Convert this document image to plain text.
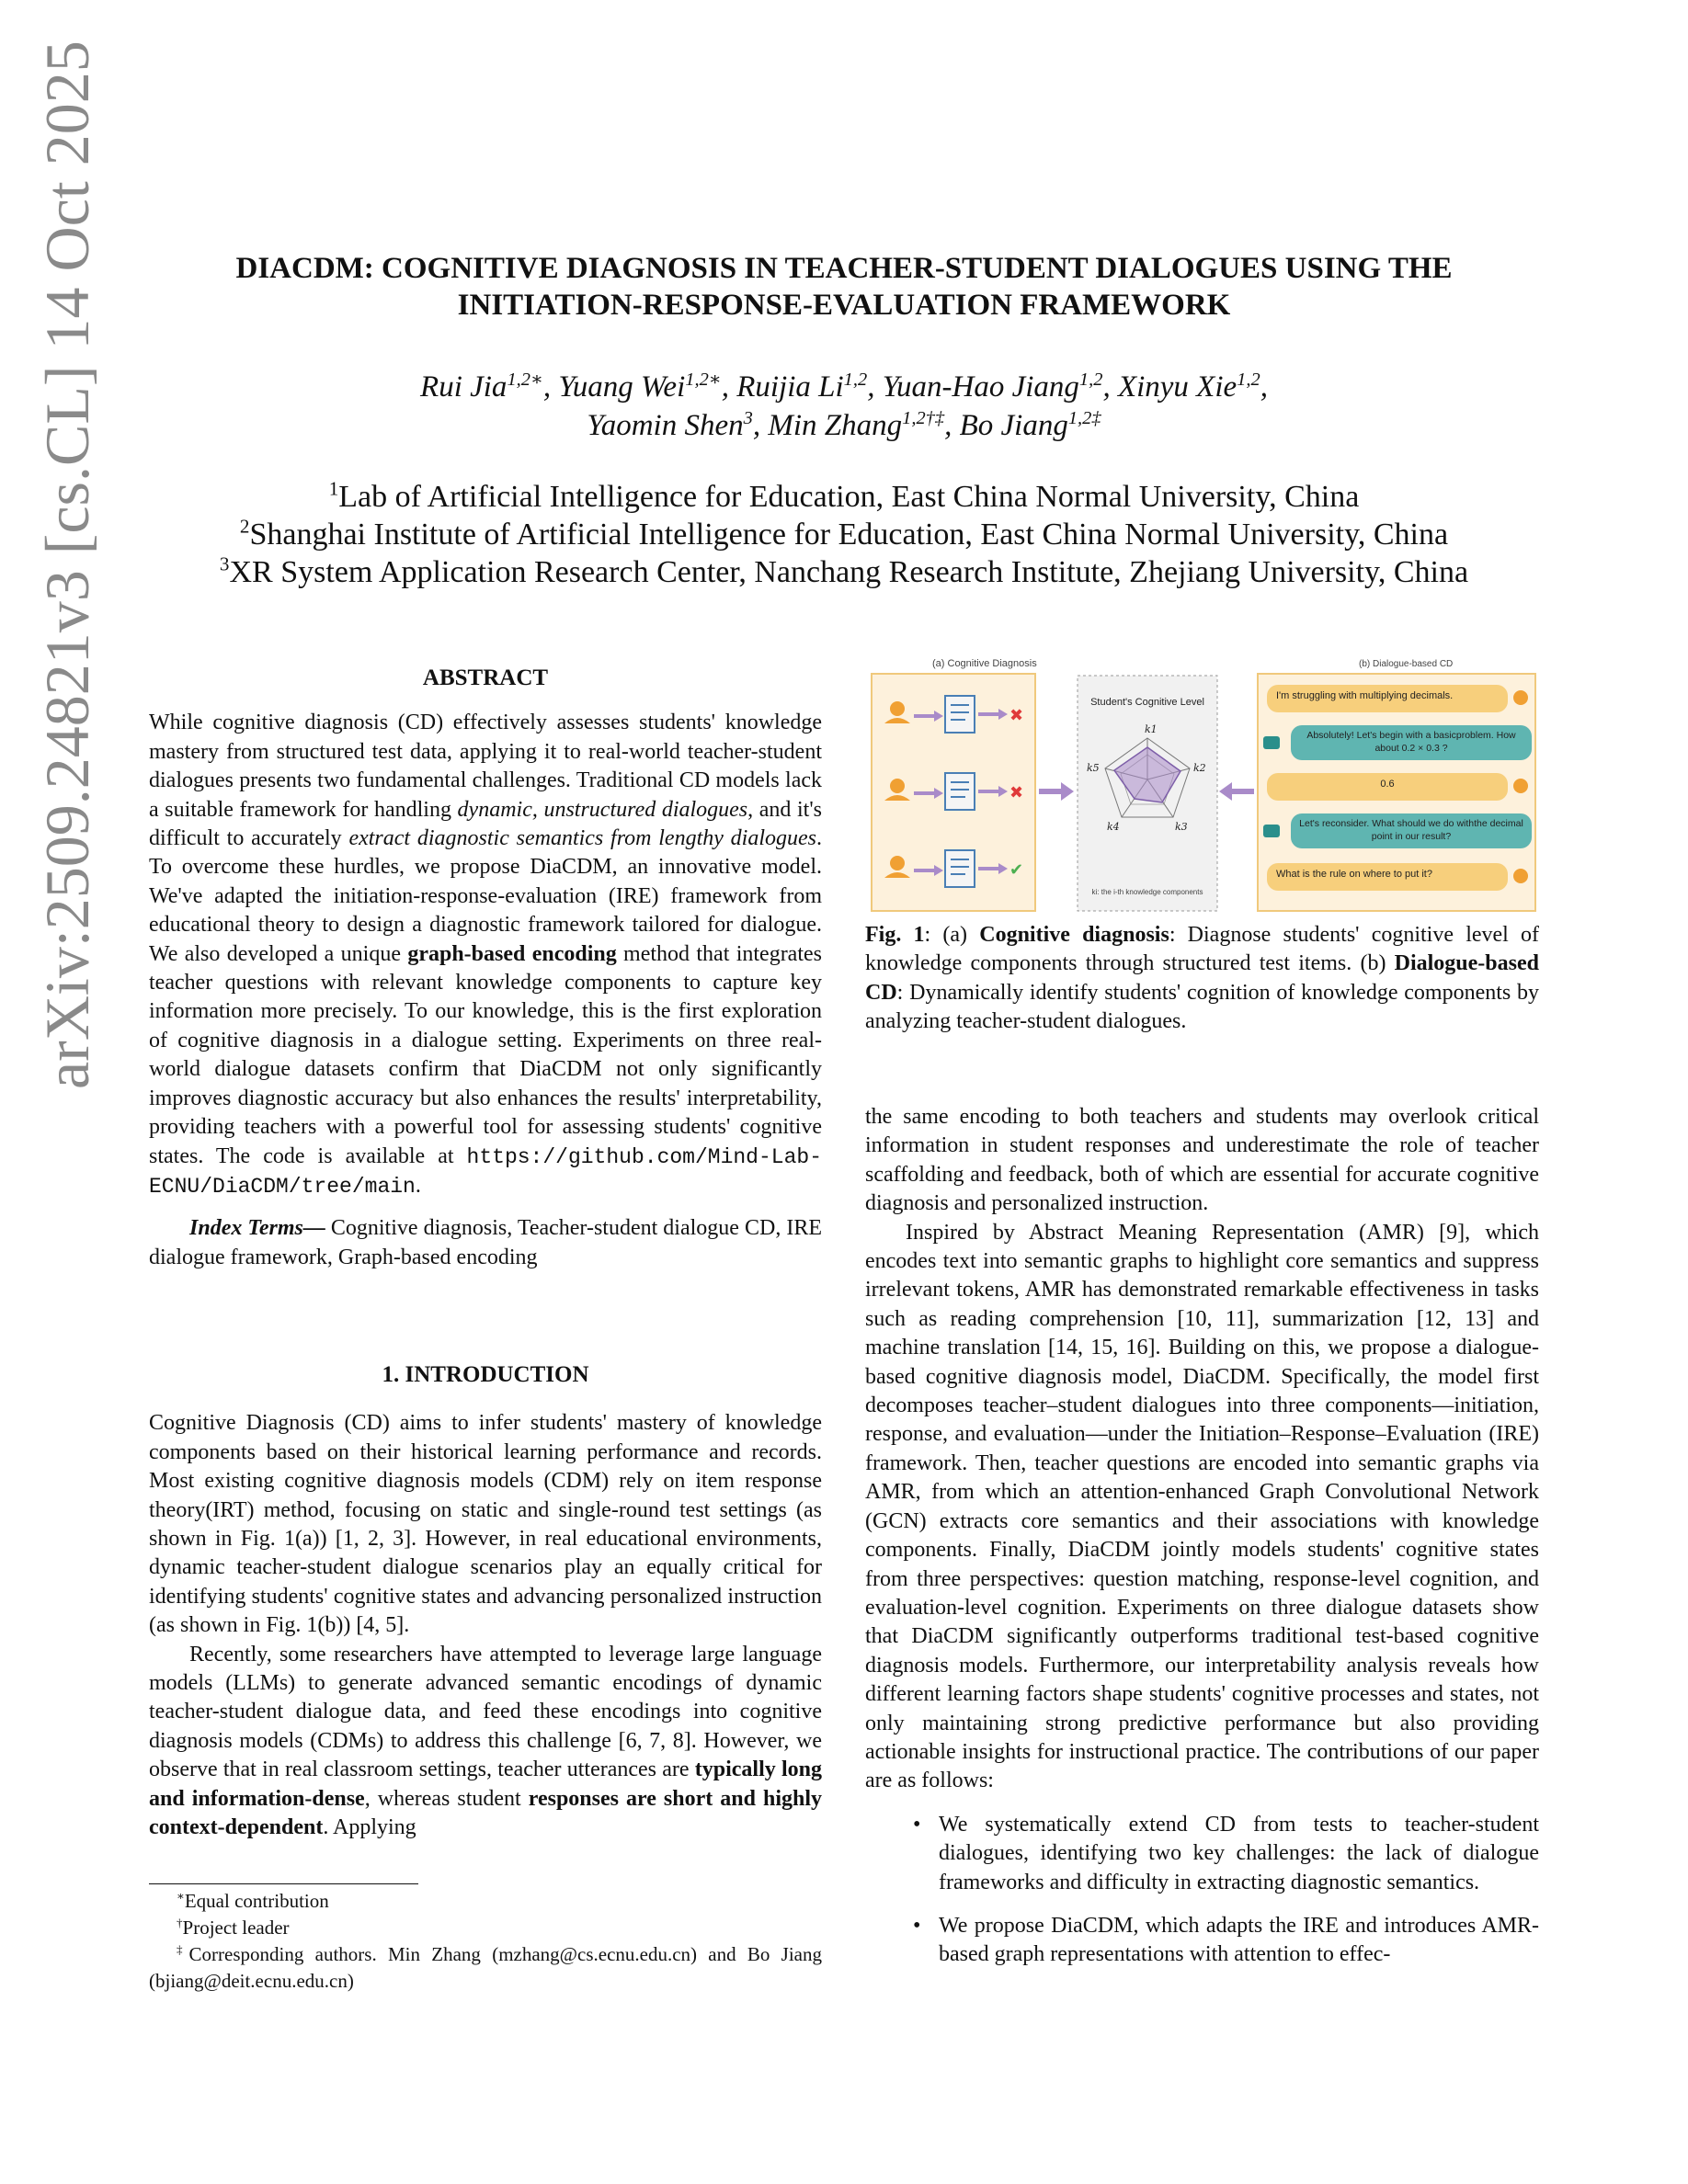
arXiv:2509.24821v3 [cs.CL] 14 Oct 2025	DIACDM: COGNITIVE DIAGNOSIS IN TEACHER-STUDENT DIALOGUES USING THE
INITIATION-RESPONSE-EVALUATION FRAMEWORK
Rui Jia$^{1,2∗}$, Yuang Wei$^{1,2∗}$, Ruijia Li$^{1,2}$, Yuan-Hao Jiang$^{1,2}$, Xinyu Xie$^{1,2}$,
Yaomin Shen$^3$, Min Zhang$^{1,2\dagger\ddagger}$, Bo Jiang$^{1,2\ddagger}$
$^1$Lab of Artificial Intelligence for Education, East China Normal University, China
$^2$Shanghai Institute of Artificial Intelligence for Education, East China Normal University, China
$^3$XR System Application Research Center, Nanchang Research Institute, Zhejiang University, China
ABSTRACT

While cognitive diagnosis (CD) effectively assesses students' knowledge mastery from structured test data, applying it to real-world teacher-student dialogues presents two fundamental challenges. Traditional CD models lack a suitable framework for handling dynamic, unstructured dialogues, and it's difficult to accurately extract diagnostic semantics from lengthy dialogues. To overcome these hurdles, we propose DiaCDM, an innovative model. We've adapted the initiation-response-evaluation (IRE) framework from educational theory to design a diagnostic framework tailored for dialogue. We also developed a unique graph-based encoding method that integrates teacher questions with relevant knowledge components to capture key information more precisely. To our knowledge, this is the first exploration of cognitive diagnosis in a dialogue setting. Experiments on three real-world dialogue datasets confirm that DiaCDM not only significantly improves diagnostic accuracy but also enhances the results' interpretability, providing teachers with a powerful tool for assessing students' cognitive states. The code is available at https://github.com/Mind-Lab-ECNU/DiaCDM/tree/main.

Index Terms— Cognitive diagnosis, Teacher-student dialogue CD, IRE dialogue framework, Graph-based encoding

1. INTRODUCTION

Cognitive Diagnosis (CD) aims to infer students' mastery of knowledge components based on their historical learning performance and records. Most existing cognitive diagnosis models (CDM) rely on item response theory(IRT) method, focusing on static and single-round test settings (as shown in Fig. 1(a)) [1, 2, 3]. However, in real educational environments, dynamic teacher-student dialogue scenarios play an equally critical for identifying students' cognitive states and advancing personalized instruction (as shown in Fig. 1(b)) [4, 5].

Recently, some researchers have attempted to leverage large language models (LLMs) to generate advanced semantic encodings of dynamic teacher-student dialogue data, and feed these encodings into cognitive diagnosis models (CDMs) to address this challenge [6, 7, 8]. However, we observe that in real classroom settings, teacher utterances are typically long and information-dense, whereas student responses are short and highly context-dependent. Applying

∗Equal contribution
†Project leader
‡Corresponding authors. Min Zhang (mzhang@cs.ecnu.edu.cn) and Bo Jiang (bjiang@deit.ecnu.edu.cn)
(a) Cognitive Diagnosis	(b) Dialogue-based CD
✖
✖
✔
Student's Cognitive Level
k1
k2
k3
k4
k5
ki: the i-th knowledge components
I'm struggling with multiplying decimals.
Absolutely! Let's begin with a basicproblem. How about 0.2 × 0.3 ?
0.6
Let's reconsider. What should we do withthe decimal point in our result?
What is the rule on where to put it?

Fig. 1: (a) Cognitive diagnosis: Diagnose students' cognitive level of knowledge components through structured test items. (b) Dialogue-based CD: Dynamically identify students' cognition of knowledge components by analyzing teacher-student dialogues.

the same encoding to both teachers and students may overlook critical information in student responses and underestimate the role of teacher scaffolding and feedback, both of which are essential for accurate cognitive diagnosis and personalized instruction.

Inspired by Abstract Meaning Representation (AMR) [9], which encodes text into semantic graphs to highlight core semantics and suppress irrelevant tokens, AMR has demonstrated remarkable effectiveness in tasks such as reading comprehension [10, 11], summarization [12, 13] and machine translation [14, 15, 16]. Building on this, we propose a dialogue-based cognitive diagnosis model, DiaCDM. Specifically, the model first decomposes teacher–student dialogues into three components—initiation, response, and evaluation—under the Initiation–Response–Evaluation (IRE) framework. Then, teacher questions are encoded into semantic graphs via AMR, from which an attention-enhanced Graph Convolutional Network (GCN) extracts core semantics and their associations with knowledge components. Finally, DiaCDM jointly models students' cognitive states from three perspectives: question matching, response-level cognition, and evaluation-level cognition. Experiments on three dialogue datasets show that DiaCDM significantly outperforms traditional test-based cognitive diagnosis models. Furthermore, our interpretability analysis reveals how different learning factors shape students' cognitive processes and states, not only maintaining strong predictive performance but also providing actionable insights for instructional practice. The contributions of our paper are as follows:

• We systematically extend CD from tests to teacher-student dialogues, identifying two key challenges: the lack of dialogue frameworks and difficulty in extracting diagnostic semantics.
• We propose DiaCDM, which adapts the IRE and introduces AMR-based graph representations with attention to effec-
